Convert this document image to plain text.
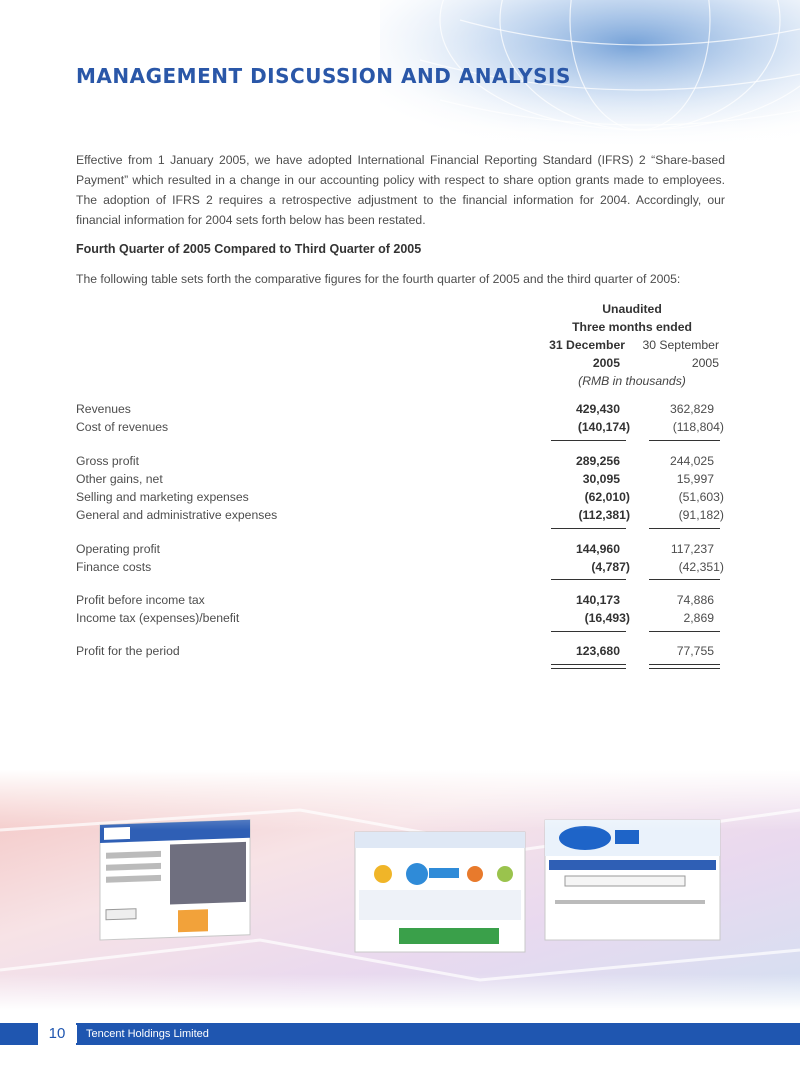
MANAGEMENT DISCUSSION AND ANALYSIS

Effective from 1 January 2005, we have adopted International Financial Reporting Standard (IFRS) 2 “Share-based Payment” which resulted in a change in our accounting policy with respect to share option grants made to employees. The adoption of IFRS 2 requires a retrospective adjustment to the financial information for 2004. Accordingly, our financial information for 2004 sets forth below has been restated.

Fourth Quarter of 2005 Compared to Third Quarter of 2005

The following table sets forth the comparative figures for the fourth quarter of 2005 and the third quarter of 2005:

Unaudited
Three months ended
31 December	30 September
2005	2005
(RMB in thousands)
Revenues	429,430	362,829
Cost of revenues	(140,174)	(118,804)
Gross profit	289,256	244,025
Other gains, net	30,095	15,997
Selling and marketing expenses	(62,010)	(51,603)
General and administrative expenses	(112,381)	(91,182)
Operating profit	144,960	117,237
Finance costs	(4,787)	(42,351)
Profit before income tax	140,173	74,886
Income tax (expenses)/benefit	(16,493)	2,869
Profit for the period	123,680	77,755
10	Tencent Holdings Limited
